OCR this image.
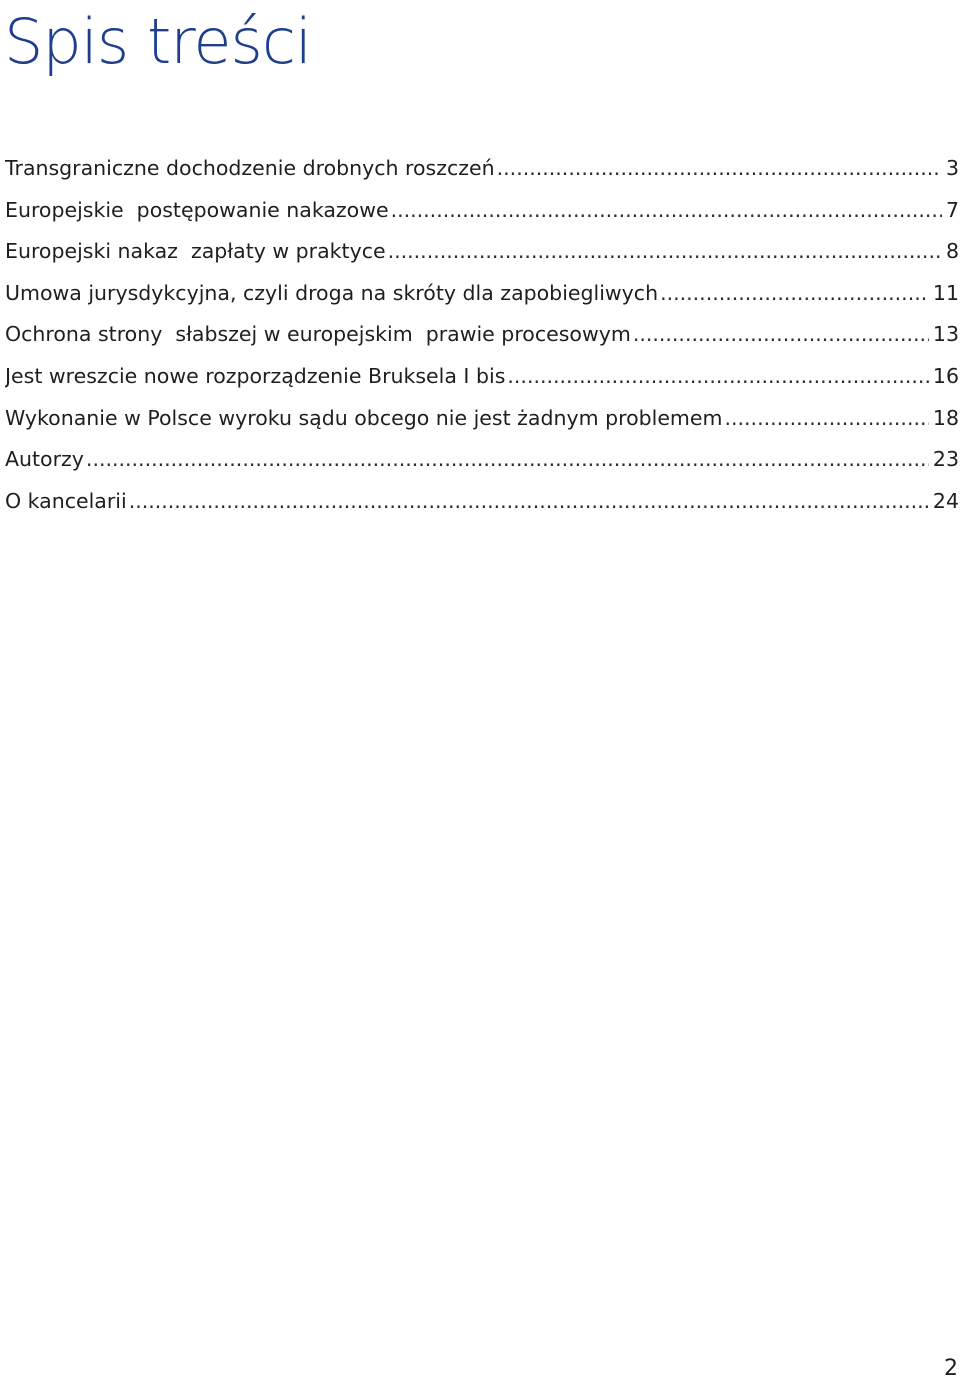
Spis treści
Transgraniczne dochodzenie drobnych roszczeń .....	3
Europejskie  postępowanie nakazowe .....	7
Europejski nakaz  zapłaty w praktyce .....	8
Umowa jurysdykcyjna, czyli droga na skróty dla zapobiegliwych .....	11
Ochrona strony  słabszej w europejskim  prawie procesowym .....	13
Jest wreszcie nowe rozporządzenie Bruksela I bis .....	16
Wykonanie w Polsce wyroku sądu obcego nie jest żadnym problemem .....	18
Autorzy .....	23
O kancelarii .....	24
2
